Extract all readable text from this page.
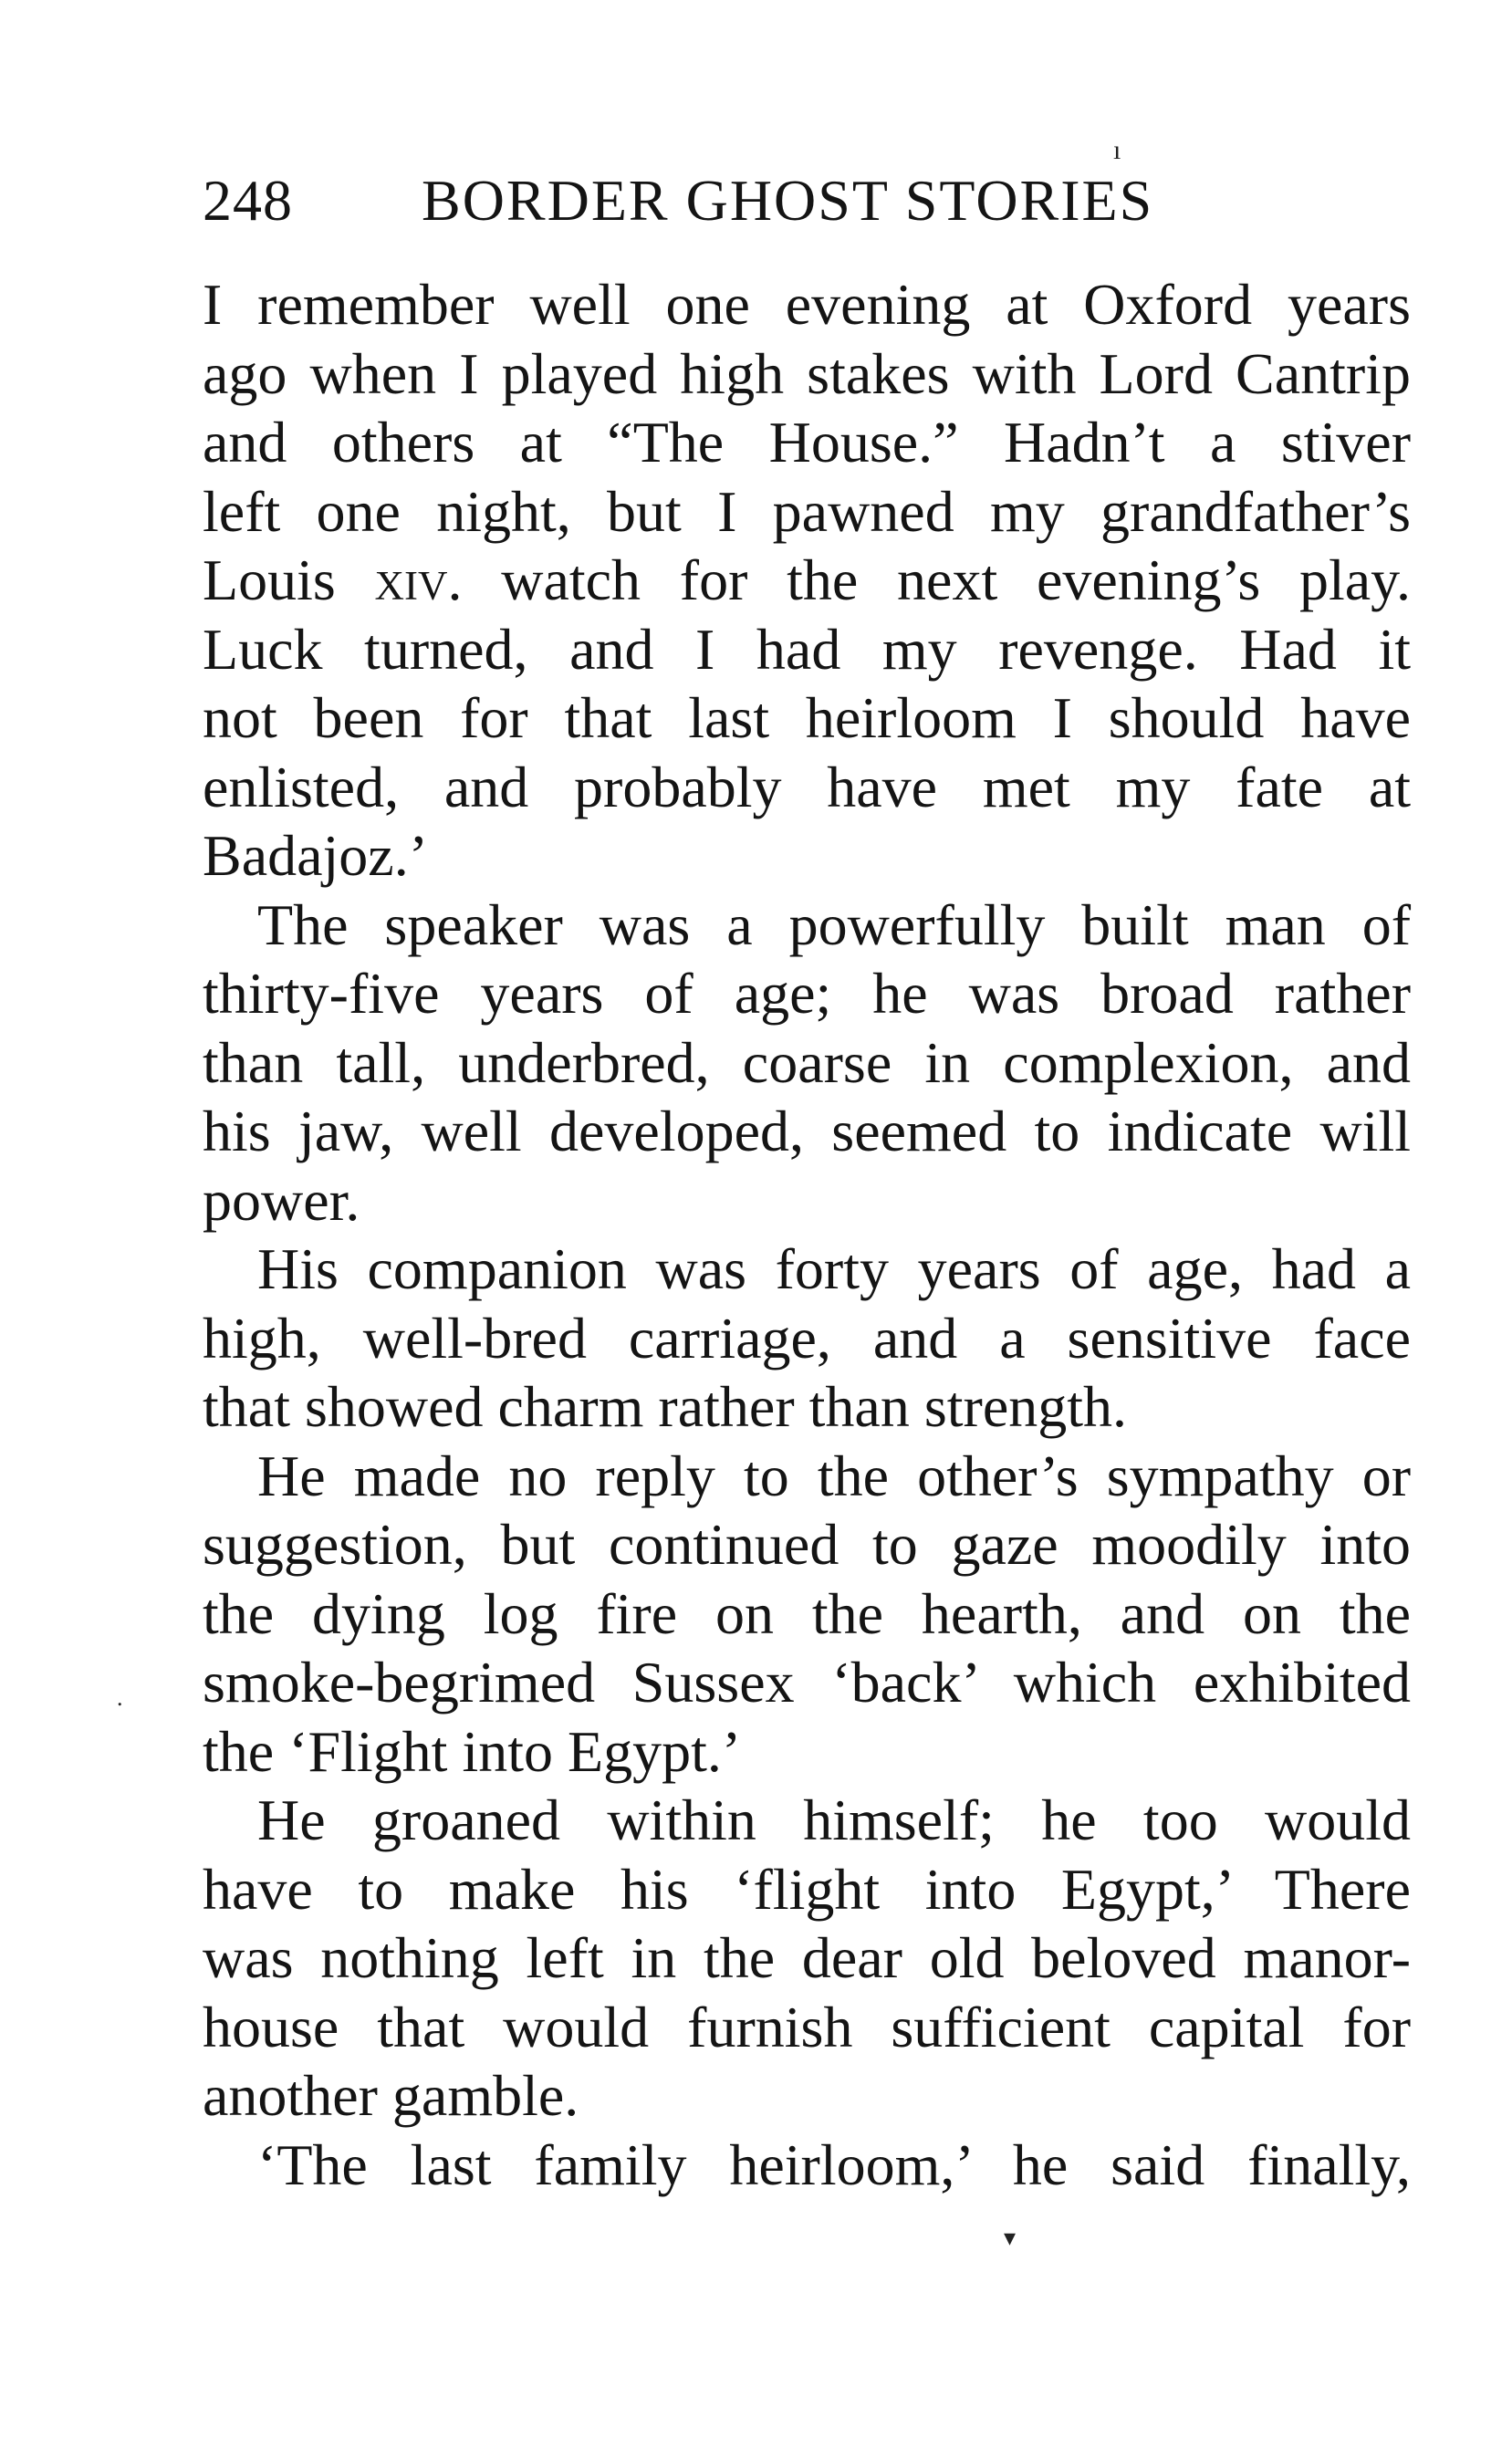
ı
.
▾
248 BORDER GHOST STORIES
I remember well one evening at Oxford years
ago when I played high stakes with Lord Cantrip
and others at “The House.” Hadn’t a stiver
left one night, but I pawned my grandfather’s
Louis xiv. watch for the next evening’s play.
Luck turned, and I had my revenge. Had it
not been for that last heirloom I should have
enlisted, and probably have met my fate at
Badajoz.’
The speaker was a powerfully built man of
thirty-five years of age; he was broad rather
than tall, underbred, coarse in complexion, and
his jaw, well developed, seemed to indicate will
power.
His companion was forty years of age, had a
high, well-bred carriage, and a sensitive face
that showed charm rather than strength.
He made no reply to the other’s sympathy or
suggestion, but continued to gaze moodily into
the dying log fire on the hearth, and on the
smoke-begrimed Sussex ‘back’ which exhibited
the ‘Flight into Egypt.’
He groaned within himself; he too would
have to make his ‘flight into Egypt,’ There
was nothing left in the dear old beloved manor-
house that would furnish sufficient capital for
another gamble.
‘The last family heirloom,’ he said finally,
